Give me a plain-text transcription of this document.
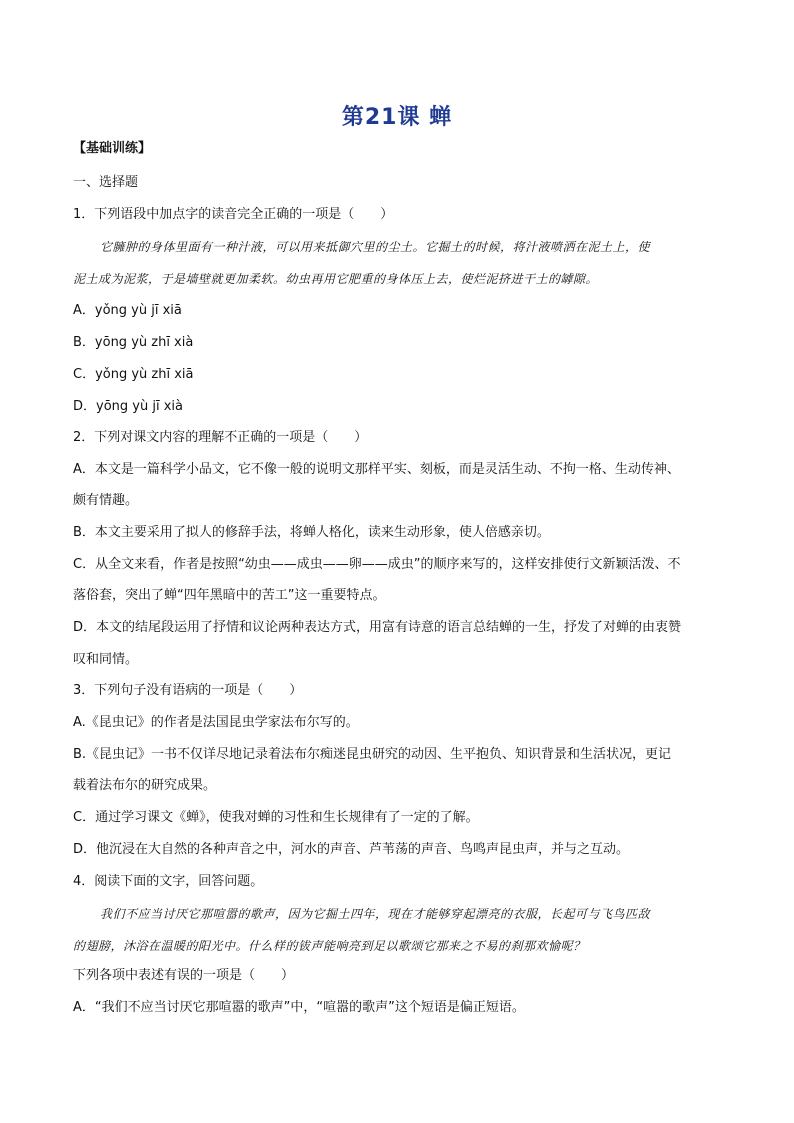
第21课 蝉
【基础训练】
一、选择题
1．下列语段中加点字的读音完全正确的一项是（　　）
它臃肿的身体里面有一种汁液，可以用来抵御穴里的尘土。它掘土的时候，将汁液喷洒在泥土上，使
泥土成为泥浆，于是墙壁就更加柔软。幼虫再用它肥重的身体压上去，使烂泥挤进干土的罅隙。
A．yǒng yù jī xiā
B．yōng yù zhī xià
C．yǒng yù zhī xiā
D．yōng yù jī xià
2．下列对课文内容的理解不正确的一项是（　　）
A．本文是一篇科学小品文，它不像一般的说明文那样平实、刻板，而是灵活生动、不拘一格、生动传神、
颇有情趣。
B．本文主要采用了拟人的修辞手法，将蝉人格化，读来生动形象，使人倍感亲切。
C．从全文来看，作者是按照“幼虫——成虫——卵——成虫”的顺序来写的，这样安排使行文新颖活泼、不
落俗套，突出了蝉“四年黑暗中的苦工”这一重要特点。
D．本文的结尾段运用了抒情和议论两种表达方式，用富有诗意的语言总结蝉的一生，抒发了对蝉的由衷赞
叹和同情。
3．下列句子没有语病的一项是（　　）
A.《昆虫记》的作者是法国昆虫学家法布尔写的。
B.《昆虫记》一书不仅详尽地记录着法布尔痴迷昆虫研究的动因、生平抱负、知识背景和生活状况，更记
载着法布尔的研究成果。
C．通过学习课文《蝉》，使我对蝉的习性和生长规律有了一定的了解。
D．他沉浸在大自然的各种声音之中，河水的声音、芦苇荡的声音、鸟鸣声昆虫声，并与之互动。
4．阅读下面的文字，回答问题。
我们不应当讨厌它那喧嚣的歌声，因为它掘土四年，现在才能够穿起漂亮的衣服，长起可与飞鸟匹敌
的翅膀，沐浴在温暖的阳光中。什么样的钹声能响亮到足以歌颂它那来之不易的刹那欢愉呢？
下列各项中表述有误的一项是（　　）
A．“我们不应当讨厌它那喧嚣的歌声”中，“喧嚣的歌声”这个短语是偏正短语。
